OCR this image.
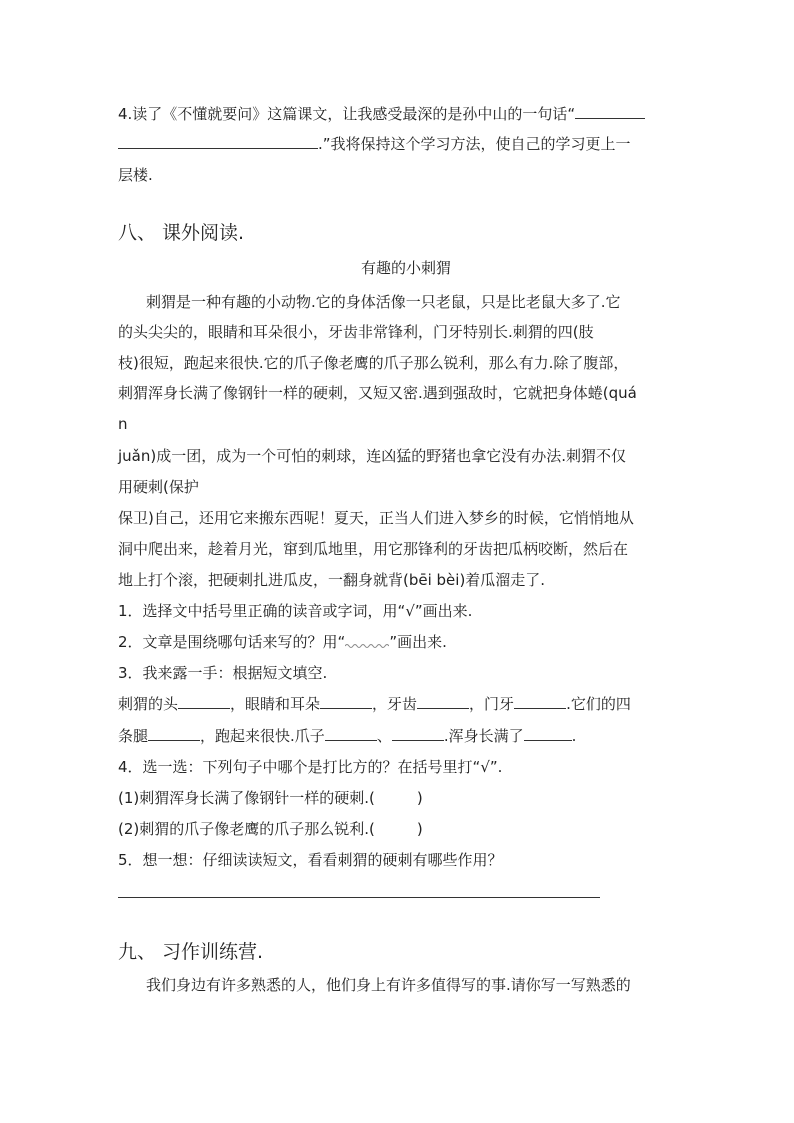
4.读了《不懂就要问》这篇课文，让我感受最深的是孙中山的一句话“
.”我将保持这个学习方法，使自己的学习更上一
层楼.
八、 课外阅读.
有趣的小刺猬
刺猬是一种有趣的小动物.它的身体活像一只老鼠，只是比老鼠大多了.它
的头尖尖的，眼睛和耳朵很小，牙齿非常锋利，门牙特别长.刺猬的四(肢
枝)很短，跑起来很快.它的爪子像老鹰的爪子那么锐利，那么有力.除了腹部，
刺猬浑身长满了像钢针一样的硬刺，又短又密.遇到强敌时，它就把身体蜷(quá
n
juǎn)成一团，成为一个可怕的刺球，连凶猛的野猪也拿它没有办法.刺猬不仅
用硬刺(保护
保卫)自己，还用它来搬东西呢！夏天，正当人们进入梦乡的时候，它悄悄地从
洞中爬出来，趁着月光，窜到瓜地里，用它那锋利的牙齿把瓜柄咬断，然后在
地上打个滚，把硬刺扎进瓜皮，一翻身就背(bēi bèi)着瓜溜走了.
1．选择文中括号里正确的读音或字词，用“√”画出来.
2．文章是围绕哪句话来写的？用“	”画出来.
3．我来露一手：根据短文填空.
刺猬的头	，眼睛和耳朵	，牙齿	，门牙	.它们的四
条腿	，跑起来很快.爪子	、	.浑身长满了	.
4．选一选：下列句子中哪个是打比方的？在括号里打“√”.
(1)刺猬浑身长满了像钢针一样的硬刺.(	)
(2)刺猬的爪子像老鹰的爪子那么锐利.(	)
5．想一想：仔细读读短文，看看刺猬的硬刺有哪些作用？
九、 习作训练营.
我们身边有许多熟悉的人，他们身上有许多值得写的事.请你写一写熟悉的
